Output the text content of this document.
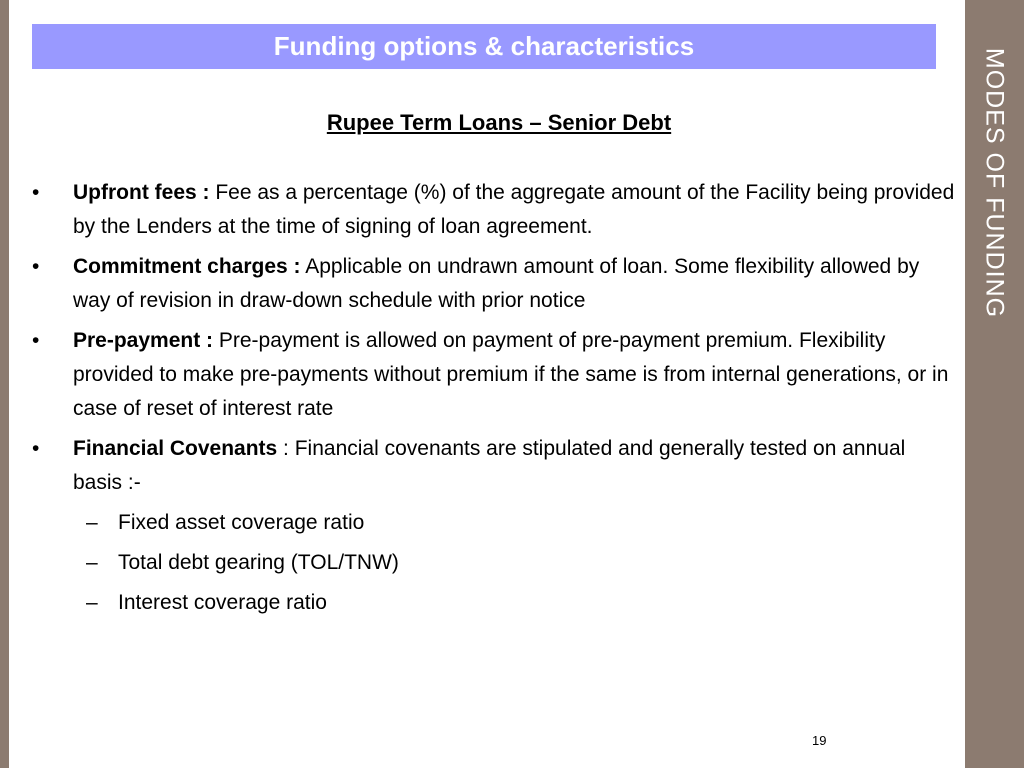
MODES OF FUNDING
Funding options & characteristics
Rupee Term Loans – Senior Debt
•	Upfront fees : Fee as a percentage (%) of the aggregate amount of the Facility being provided by the Lenders at the time of signing of loan agreement.
•	Commitment charges : Applicable on undrawn amount of loan. Some flexibility allowed by way of revision in draw-down schedule with prior notice
•	Pre-payment : Pre-payment is allowed on payment of pre-payment premium. Flexibility provided to make pre-payments without premium if the same is from internal generations, or in case of reset of interest rate
•	Financial Covenants : Financial covenants are stipulated and generally tested on annual basis :-
– Fixed asset coverage ratio
– Total debt gearing (TOL/TNW)
– Interest coverage ratio
19
